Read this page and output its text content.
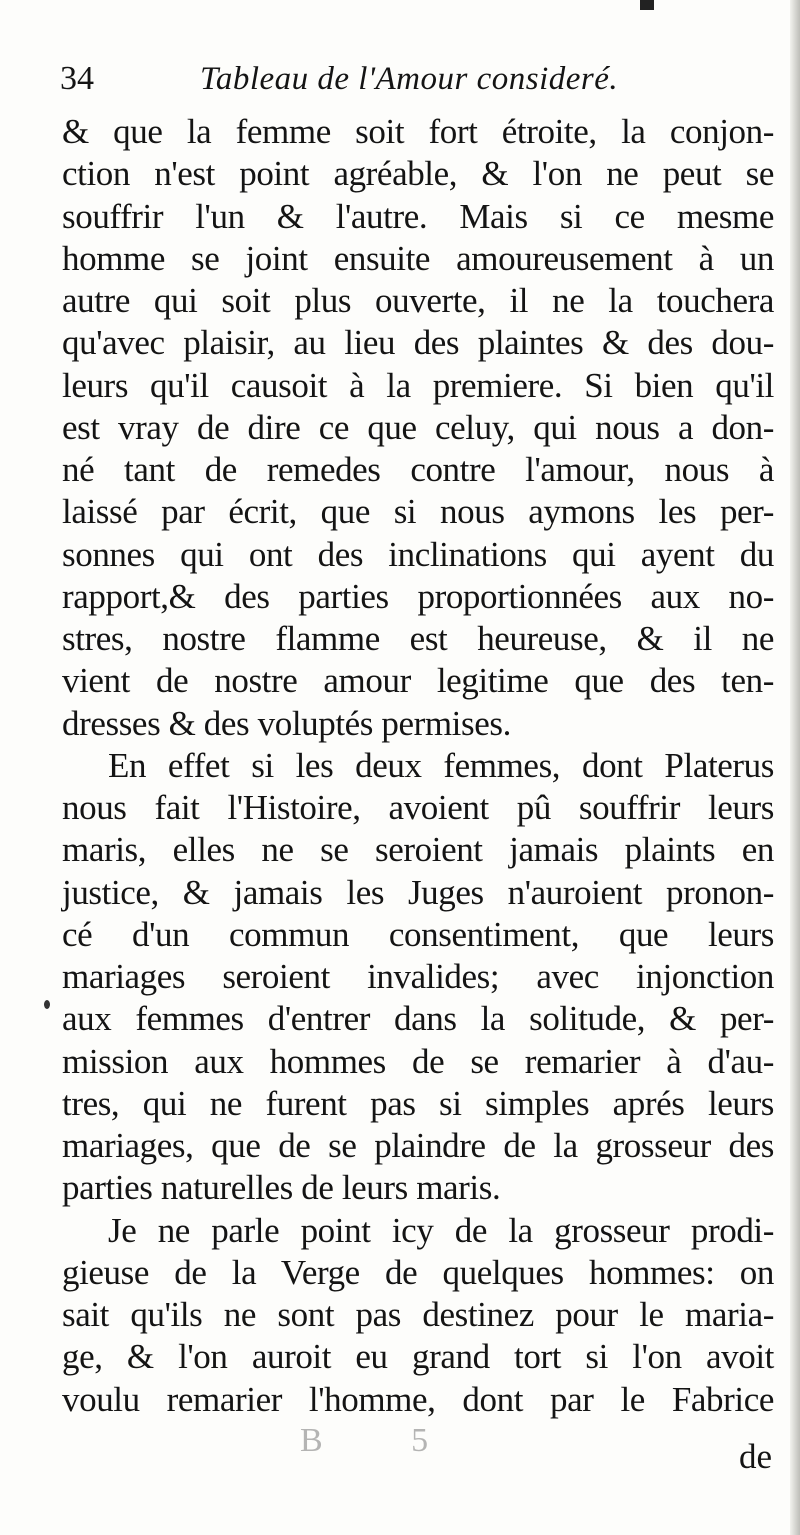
34	Tableau de l'Amour consideré.
& que la femme soit fort étroite, la conjon-
ction n'est point agréable, & l'on ne peut se
souffrir l'un & l'autre. Mais si ce mesme
homme se joint ensuite amoureusement à un
autre qui soit plus ouverte, il ne la touchera
qu'avec plaisir, au lieu des plaintes & des dou-
leurs qu'il causoit à la premiere. Si bien qu'il
est vray de dire ce que celuy, qui nous a don-
né tant de remedes contre l'amour, nous à
laissé par écrit, que si nous aymons les per-
sonnes qui ont des inclinations qui ayent du
rapport,& des parties proportionnées aux no-
stres, nostre flamme est heureuse, & il ne
vient de nostre amour legitime que des ten-
dresses & des voluptés permises.
En effet si les deux femmes, dont Platerus
nous fait l'Histoire, avoient pû souffrir leurs
maris, elles ne se seroient jamais plaints en
justice, & jamais les Juges n'auroient pronon-
cé d'un commun consentiment, que leurs
mariages seroient invalides; avec injonction
aux femmes d'entrer dans la solitude, & per-
mission aux hommes de se remarier à d'au-
tres, qui ne furent pas si simples aprés leurs
mariages, que de se plaindre de la grosseur des
parties naturelles de leurs maris.
Je ne parle point icy de la grosseur prodi-
gieuse de la Verge de quelques hommes: on
sait qu'ils ne sont pas destinez pour le maria-
ge, & l'on auroit eu grand tort si l'on avoit
voulu remarier l'homme, dont par le Fabrice
B 5	de
